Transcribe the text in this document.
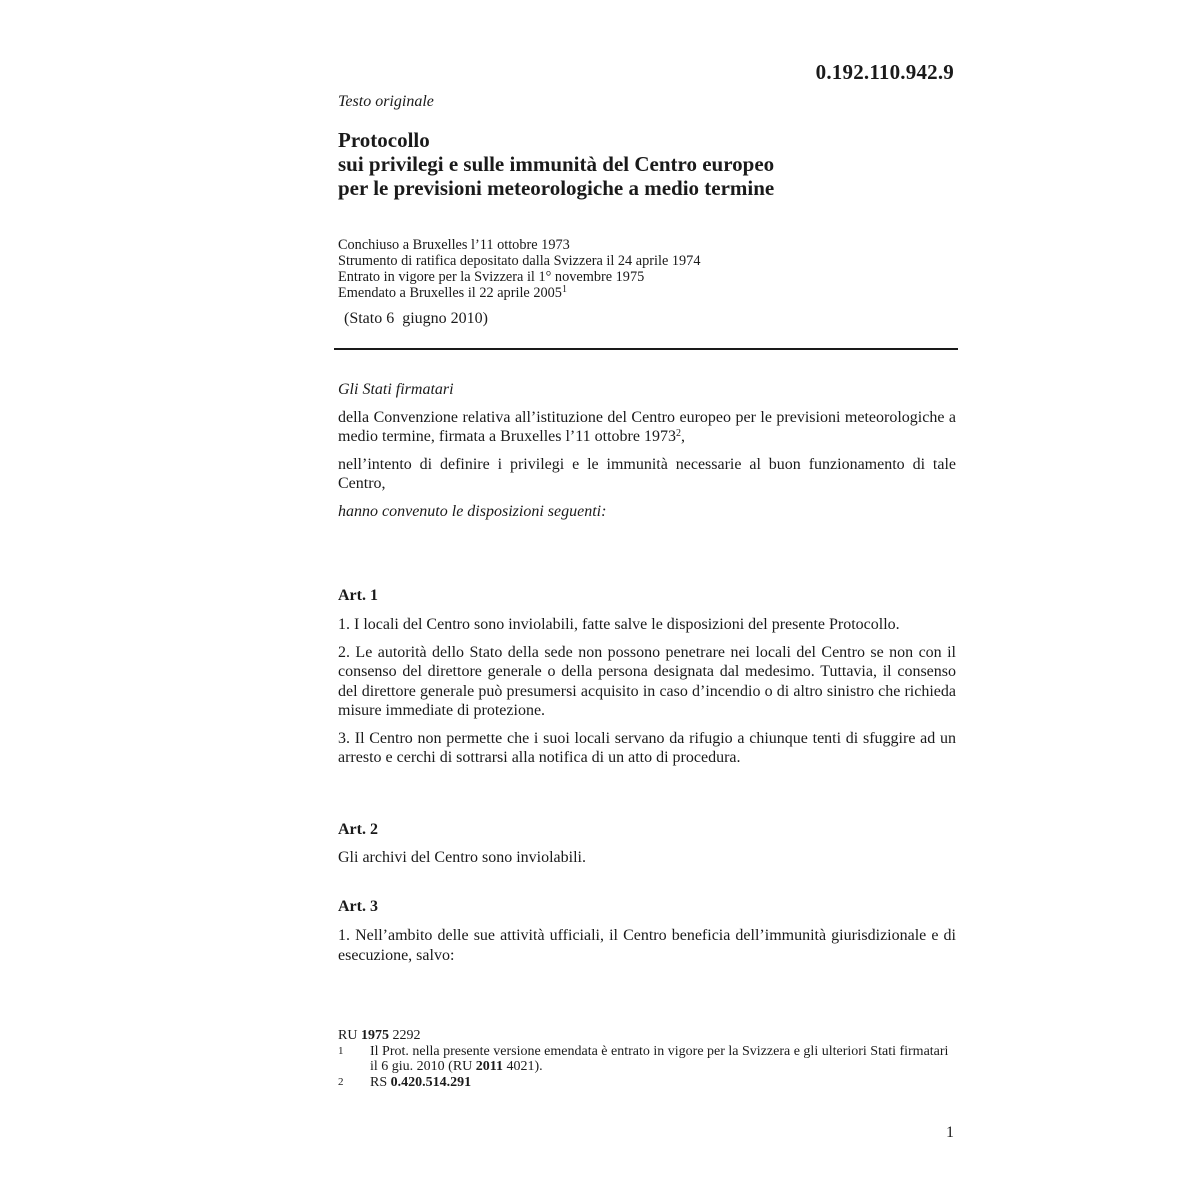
0.192.110.942.9
Testo originale
Protocollo
sui privilegi e sulle immunità del Centro europeo
per le previsioni meteorologiche a medio termine
Conchiuso a Bruxelles l’11 ottobre 1973
Strumento di ratifica depositato dalla Svizzera il 24 aprile 1974
Entrato in vigore per la Svizzera il 1° novembre 1975
Emendato a Bruxelles il 22 aprile 2005$^1$
(Stato 6  giugno 2010)

Gli Stati firmatari

della Convenzione relativa all’istituzione del Centro europeo per le previsioni meteorologiche a medio termine, firmata a Bruxelles l’11 ottobre 1973$^2$,

nell’intento di definire i privilegi e le immunità necessarie al buon funzionamento di tale Centro,

hanno convenuto le disposizioni seguenti:

Art. 1

1. I locali del Centro sono inviolabili, fatte salve le disposizioni del presente Protocollo.

2. Le autorità dello Stato della sede non possono penetrare nei locali del Centro se non con il consenso del direttore generale o della persona designata dal medesimo. Tuttavia, il consenso del direttore generale può presumersi acquisito in caso d’incendio o di altro sinistro che richieda misure immediate di protezione.

3. Il Centro non permette che i suoi locali servano da rifugio a chiunque tenti di sfuggire ad un arresto e cerchi di sottrarsi alla notifica di un atto di procedura.

Art. 2

Gli archivi del Centro sono inviolabili.

Art. 3

1. Nell’ambito delle sue attività ufficiali, il Centro beneficia dell’immunità giurisdizionale e di esecuzione, salvo:

RU 1975 2292
1	Il Prot. nella presente versione emendata è entrato in vigore per la Svizzera e gli ulteriori Stati firmatari il 6 giu. 2010 (RU 2011 4021).
2	RS 0.420.514.291
1
